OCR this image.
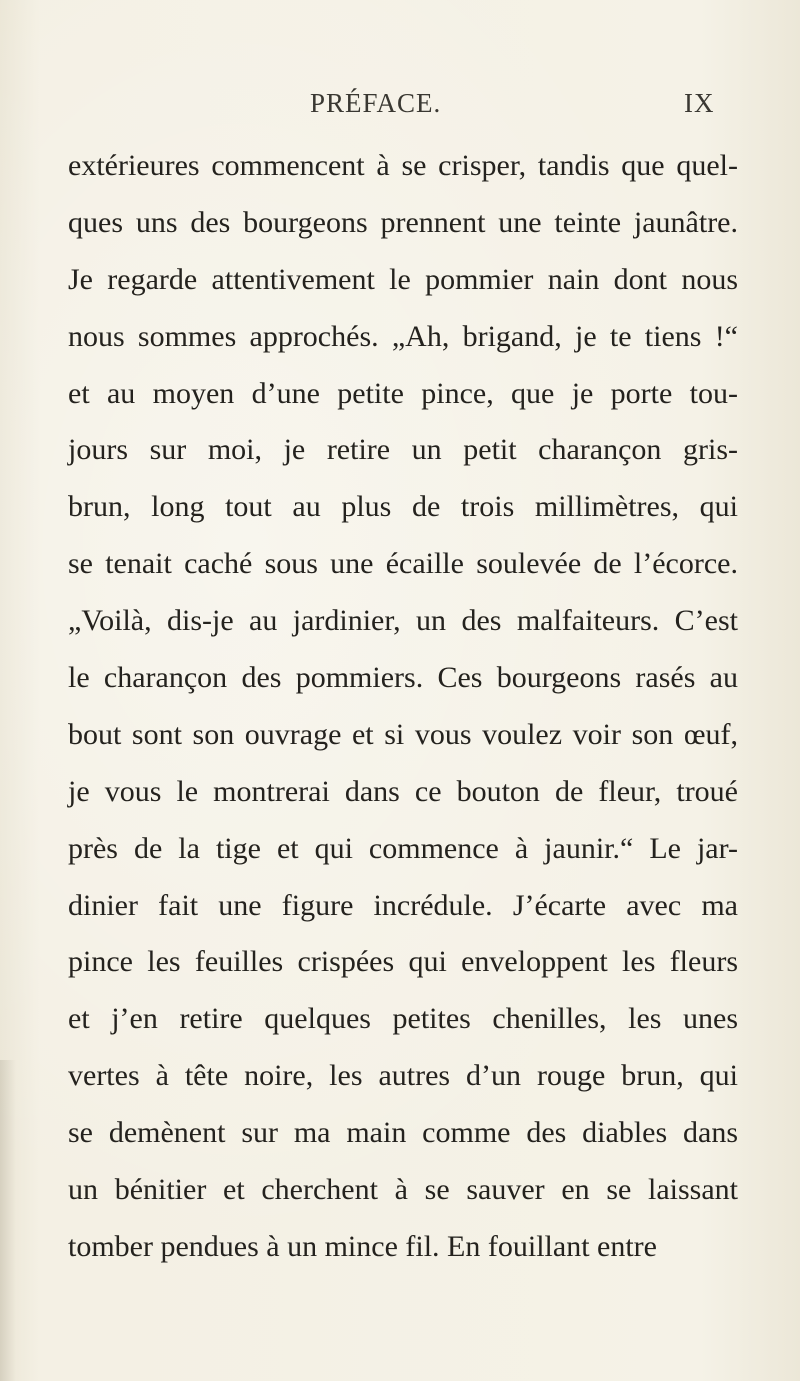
PRÉFACE.	IX
extérieures commencent à se crisper, tandis que quel-
ques uns des bourgeons prennent une teinte jaunâtre.
Je regarde attentivement le pommier nain dont nous
nous sommes approchés. „Ah, brigand, je te tiens !“
et au moyen d’une petite pince, que je porte tou-
jours sur moi, je retire un petit charançon gris-
brun, long tout au plus de trois millimètres, qui
se tenait caché sous une écaille soulevée de l’écorce.
„Voilà, dis-je au jardinier, un des malfaiteurs. C’est
le charançon des pommiers. Ces bourgeons rasés au
bout sont son ouvrage et si vous voulez voir son œuf,
je vous le montrerai dans ce bouton de fleur, troué
près de la tige et qui commence à jaunir.“ Le jar-
dinier fait une figure incrédule. J’écarte avec ma
pince les feuilles crispées qui enveloppent les fleurs
et j’en retire quelques petites chenilles, les unes
vertes à tête noire, les autres d’un rouge brun, qui
se demènent sur ma main comme des diables dans
un bénitier et cherchent à se sauver en se laissant
tomber pendues à un mince fil. En fouillant entre
